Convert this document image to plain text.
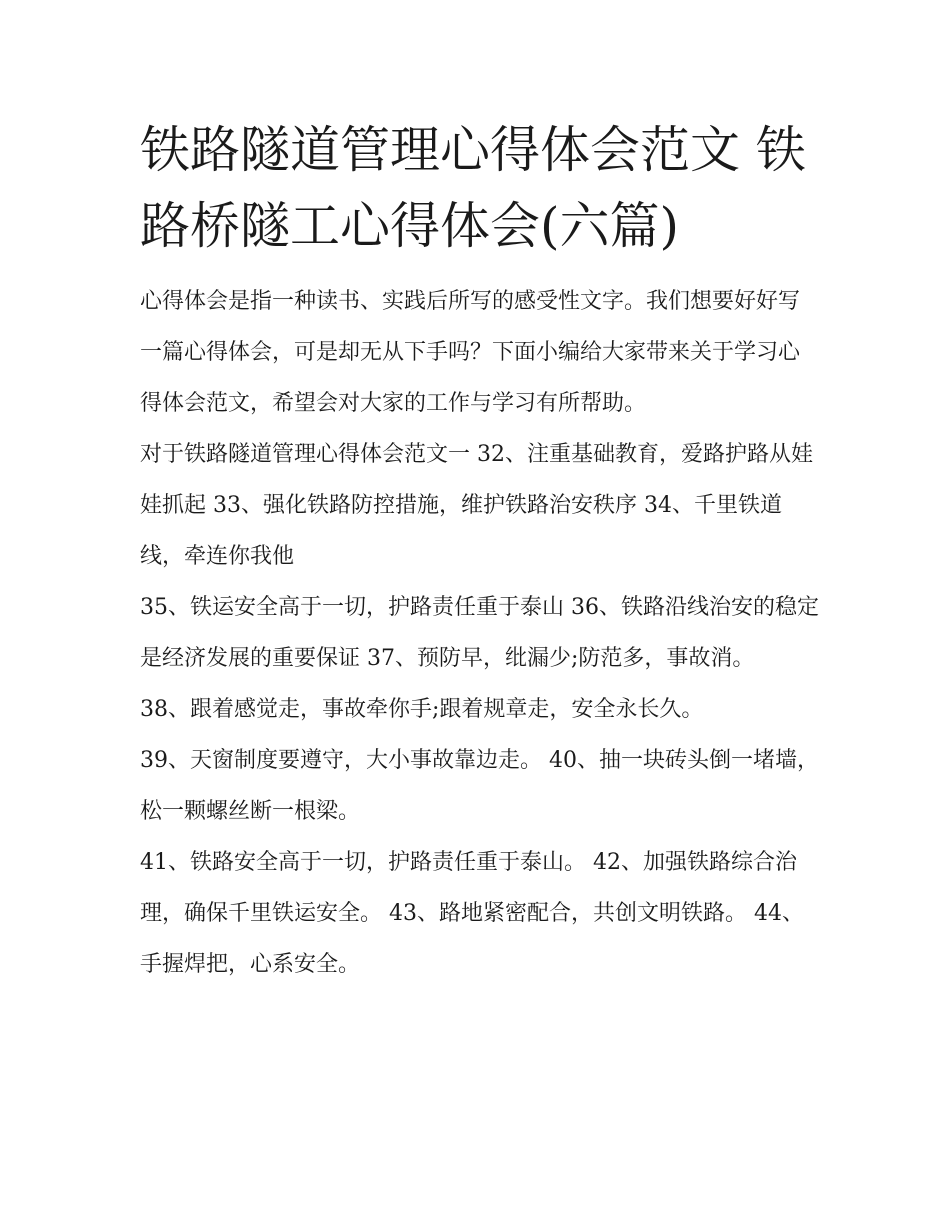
铁路隧道管理心得体会范文 铁路桥隧工心得体会(六篇)

心得体会是指一种读书、实践后所写的感受性文字。我们想要好好写一篇心得体会，可是却无从下手吗？下面小编给大家带来关于学习心得体会范文，希望会对大家的工作与学习有所帮助。

对于铁路隧道管理心得体会范文一 32、注重基础教育，爱路护路从娃娃抓起 33、强化铁路防控措施，维护铁路治安秩序 34、千里铁道线，牵连你我他

35、铁运安全高于一切，护路责任重于泰山 36、铁路沿线治安的稳定是经济发展的重要保证 37、预防早，纰漏少;防范多，事故消。

38、跟着感觉走，事故牵你手;跟着规章走，安全永长久。

39、天窗制度要遵守，大小事故靠边走。 40、抽一块砖头倒一堵墙，松一颗螺丝断一根梁。

41、铁路安全高于一切，护路责任重于泰山。 42、加强铁路综合治理，确保千里铁运安全。 43、路地紧密配合，共创文明铁路。 44、手握焊把，心系安全。
